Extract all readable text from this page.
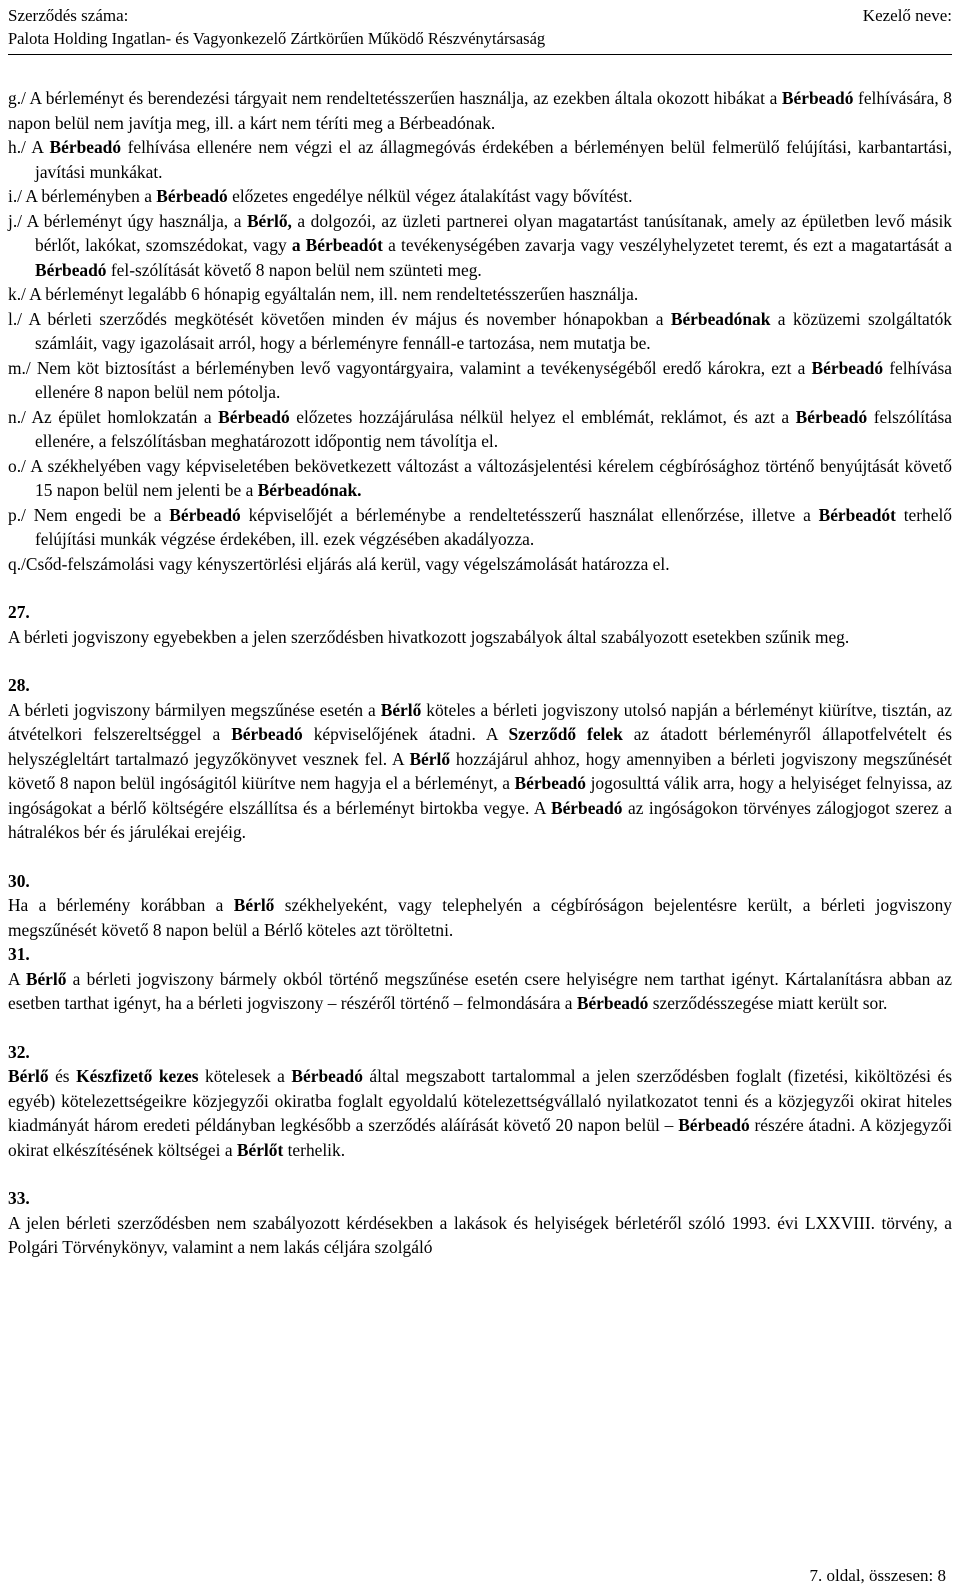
Szerződés száma:	Kezelő neve:
Palota Holding Ingatlan- és Vagyonkezelő Zártkörűen Működő Részvénytársaság

g./ A bérleményt és berendezési tárgyait nem rendeltetésszerűen használja, az ezekben általa okozott hibákat a Bérbeadó felhívására, 8 napon belül nem javítja meg, ill. a kárt nem téríti meg a Bérbeadónak.

h./ A Bérbeadó felhívása ellenére nem végzi el az állagmegóvás érdekében a bérleményen belül felmerülő felújítási, karbantartási, javítási munkákat.

i./ A bérleményben a Bérbeadó előzetes engedélye nélkül végez átalakítást vagy bővítést.

j./ A bérleményt úgy használja, a Bérlő, a dolgozói, az üzleti partnerei olyan magatartást tanúsítanak, amely az épületben levő másik bérlőt, lakókat, szomszédokat, vagy a Bérbeadót a tevékenységében zavarja vagy veszélyhelyzetet teremt, és ezt a magatartását a Bérbeadó fel-szólítását követő 8 napon belül nem szünteti meg.

k./ A bérleményt legalább 6 hónapig egyáltalán nem, ill. nem rendeltetésszerűen használja.

l./ A bérleti szerződés megkötését követően minden év május és november hónapokban a Bérbeadónak a közüzemi szolgáltatók számláit, vagy igazolásait arról, hogy a bérleményre fennáll-e tartozása, nem mutatja be.

m./ Nem köt biztosítást a bérleményben levő vagyontárgyaira, valamint a tevékenységéből eredő károkra, ezt a Bérbeadó felhívása ellenére 8 napon belül nem pótolja.

n./ Az épület homlokzatán a Bérbeadó előzetes hozzájárulása nélkül helyez el emblémát, reklámot, és azt a Bérbeadó felszólítása ellenére, a felszólításban meghatározott időpontig nem távolítja el.

o./ A székhelyében vagy képviseletében bekövetkezett változást a változásjelentési kérelem cégbírósághoz történő benyújtását követő 15 napon belül nem jelenti be a Bérbeadónak.

p./ Nem engedi be a Bérbeadó képviselőjét a bérleménybe a rendeltetésszerű használat ellenőrzése, illetve a Bérbeadót terhelő felújítási munkák végzése érdekében, ill. ezek végzésében akadályozza.

q./Csőd-felszámolási vagy kényszertörlési eljárás alá kerül, vagy végelszámolását határozza el.

27.

A bérleti jogviszony egyebekben a jelen szerződésben hivatkozott jogszabályok által szabályozott esetekben szűnik meg.

28.

A bérleti jogviszony bármilyen megszűnése esetén a Bérlő köteles a bérleti jogviszony utolsó napján a bérleményt kiürítve, tisztán, az átvételkori felszereltséggel a Bérbeadó képviselőjének átadni. A Szerződő felek az átadott bérleményről állapotfelvételt és helyszégleltárt tartalmazó jegyzőkönyvet vesznek fel. A Bérlő hozzájárul ahhoz, hogy amennyiben a bérleti jogviszony megszűnését követő 8 napon belül ingóságitól kiürítve nem hagyja el a bérleményt, a Bérbeadó jogosulttá válik arra, hogy a helyiséget felnyissa, az ingóságokat a bérlő költségére elszállítsa és a bérleményt birtokba vegye. A Bérbeadó az ingóságokon törvényes zálogjogot szerez a hátralékos bér és járulékai erejéig.

30.

Ha a bérlemény korábban a Bérlő székhelyeként, vagy telephelyén a cégbíróságon bejelentésre került, a bérleti jogviszony megszűnését követő 8 napon belül a Bérlő köteles azt töröltetni.

31.

A Bérlő a bérleti jogviszony bármely okból történő megszűnése esetén csere helyiségre nem tarthat igényt. Kártalanításra abban az esetben tarthat igényt, ha a bérleti jogviszony – részéről történő – felmondására a Bérbeadó szerződésszegése miatt került sor.

32.

Bérlő és Készfizető kezes kötelesek a Bérbeadó által megszabott tartalommal a jelen szerződésben foglalt (fizetési, kiköltözési és egyéb) kötelezettségeikre közjegyzői okiratba foglalt egyoldalú kötelezettségvállaló nyilatkozatot tenni és a közjegyzői okirat hiteles kiadmányát három eredeti példányban legkésőbb a szerződés aláírását követő 20 napon belül – Bérbeadó részére átadni. A közjegyzői okirat elkészítésének költségei a Bérlőt terhelik.

33.

A jelen bérleti szerződésben nem szabályozott kérdésekben a lakások és helyiségek bérletéről szóló 1993. évi LXXVIII. törvény, a Polgári Törvénykönyv, valamint a nem lakás céljára szolgáló

7. oldal, összesen: 8
